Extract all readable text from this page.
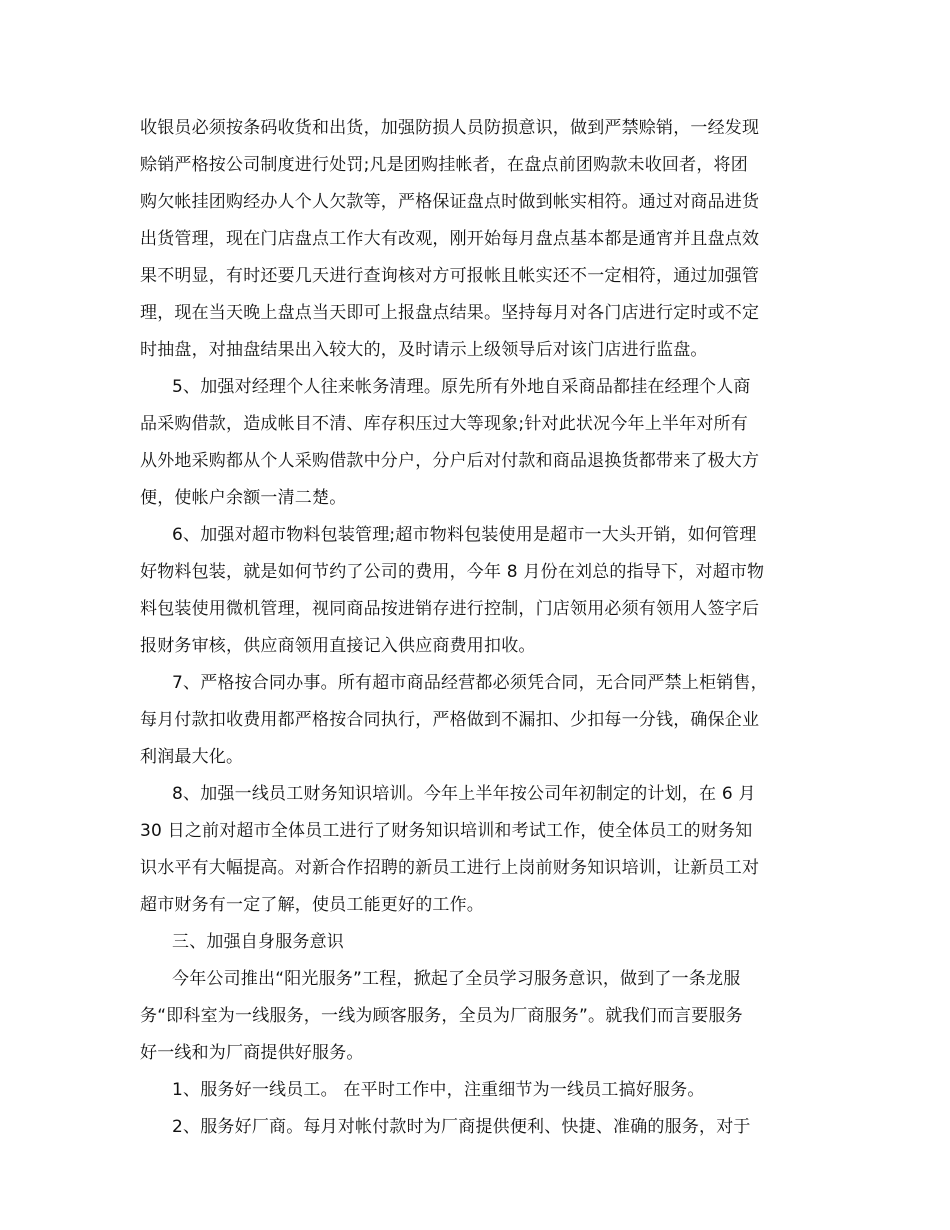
收银员必须按条码收货和出货，加强防损人员防损意识，做到严禁赊销，一经发现
赊销严格按公司制度进行处罚;凡是团购挂帐者，在盘点前团购款未收回者，将团
购欠帐挂团购经办人个人欠款等，严格保证盘点时做到帐实相符。通过对商品进货
出货管理，现在门店盘点工作大有改观，刚开始每月盘点基本都是通宵并且盘点效
果不明显，有时还要几天进行查询核对方可报帐且帐实还不一定相符，通过加强管
理，现在当天晚上盘点当天即可上报盘点结果。坚持每月对各门店进行定时或不定
时抽盘，对抽盘结果出入较大的，及时请示上级领导后对该门店进行监盘。
5、加强对经理个人往来帐务清理。原先所有外地自采商品都挂在经理个人商
品采购借款，造成帐目不清、库存积压过大等现象;针对此状况今年上半年对所有
从外地采购都从个人采购借款中分户，分户后对付款和商品退换货都带来了极大方
便，使帐户余额一清二楚。
6、加强对超市物料包装管理;超市物料包装使用是超市一大头开销，如何管理
好物料包装，就是如何节约了公司的费用，今年 8 月份在刘总的指导下，对超市物
料包装使用微机管理，视同商品按进销存进行控制，门店领用必须有领用人签字后
报财务审核，供应商领用直接记入供应商费用扣收。
7、严格按合同办事。所有超市商品经营都必须凭合同，无合同严禁上柜销售，
每月付款扣收费用都严格按合同执行，严格做到不漏扣、少扣每一分钱，确保企业
利润最大化。
8、加强一线员工财务知识培训。今年上半年按公司年初制定的计划，在 6 月
30 日之前对超市全体员工进行了财务知识培训和考试工作，使全体员工的财务知
识水平有大幅提高。对新合作招聘的新员工进行上岗前财务知识培训，让新员工对
超市财务有一定了解，使员工能更好的工作。
三、加强自身服务意识
今年公司推出“阳光服务”工程，掀起了全员学习服务意识，做到了一条龙服
务“即科室为一线服务，一线为顾客服务，全员为厂商服务”。就我们而言要服务
好一线和为厂商提供好服务。
1、服务好一线员工。 在平时工作中，注重细节为一线员工搞好服务。
2、服务好厂商。每月对帐付款时为厂商提供便利、快捷、准确的服务，对于
